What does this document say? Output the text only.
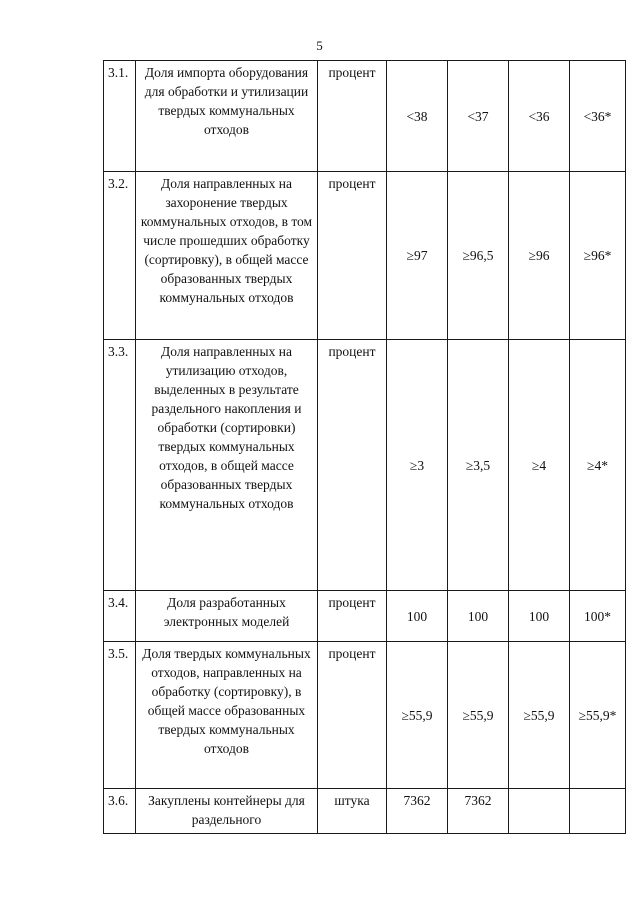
5
3.1.	Доля импорта оборудования для обработки и утилизации твердых коммунальных отходов	процент	<38	<37	<36	<36*
3.2.	Доля направленных на захоронение твердых коммунальных отходов, в том числе прошедших обработку (сортировку), в общей массе образованных твердых коммунальных отходов	процент	≥97	≥96,5	≥96	≥96*
3.3.	Доля направленных на утилизацию отходов, выделенных в результате раздельного накопления и обработки (сортировки) твердых коммунальных отходов, в общей массе образованных твердых коммунальных отходов	процент	≥3	≥3,5	≥4	≥4*
3.4.	Доля разработанных электронных моделей	процент	100	100	100	100*
3.5.	Доля твердых коммунальных отходов, направленных на обработку (сортировку), в общей массе образованных твердых коммунальных отходов	процент	≥55,9	≥55,9	≥55,9	≥55,9*
3.6.	Закуплены контейнеры для раздельного	штука	7362	7362		
